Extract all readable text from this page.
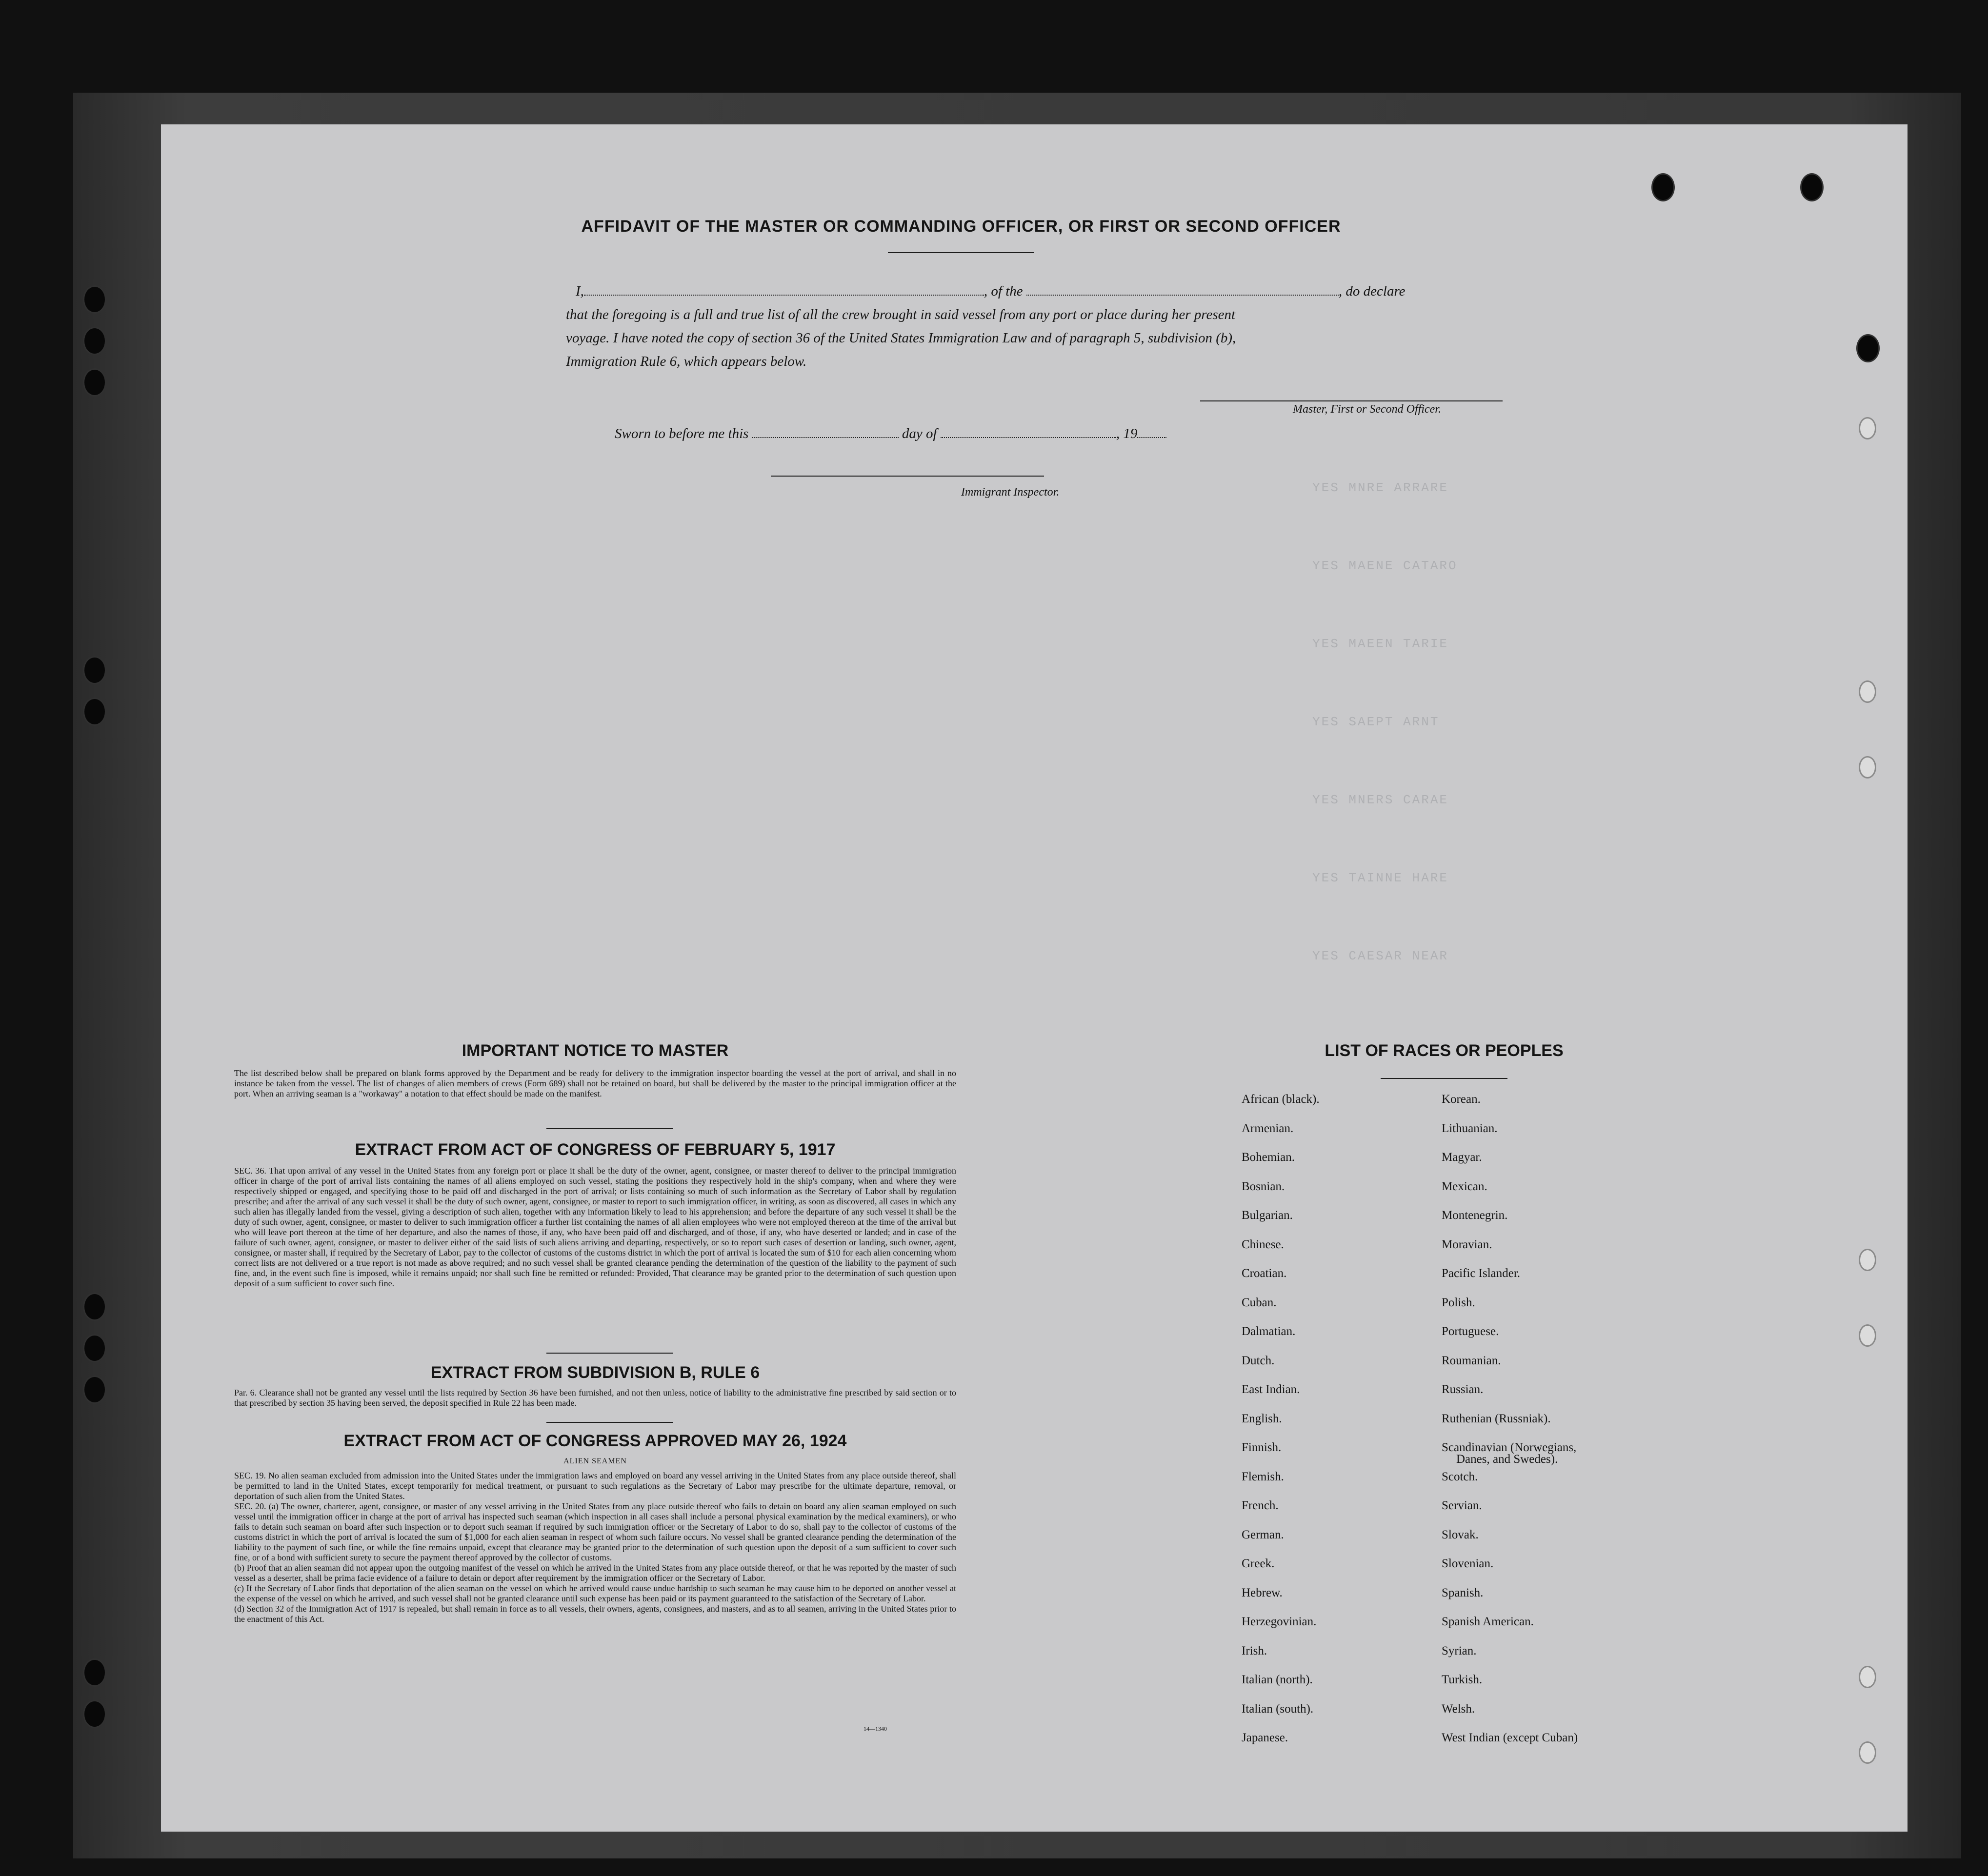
YES MNRE ARRARE
YES MAENE CATARO
YES MAEEN TARIE
YES SAEPT ARNT
YES MNERS CARAE
YES TAINNE HARE
YES CAESAR NEAR
AFFIDAVIT OF THE MASTER OR COMMANDING OFFICER, OR FIRST OR SECOND OFFICER
I,	, of the	, do declare
that the foregoing is a full and true list of all the crew brought in said vessel from any port or place during her present
voyage. I have noted the copy of section 36 of the United States Immigration Law and of paragraph 5, subdivision (b),
Immigration Rule 6, which appears below.
Master, First or Second Officer.
Sworn to before me this	day of	, 19
Immigrant Inspector.
IMPORTANT NOTICE TO MASTER
The list described below shall be prepared on blank forms approved by the Department and be ready for delivery to the immigration inspector boarding the vessel at the port of arrival, and shall in no instance be taken from the vessel. The list of changes of alien members of crews (Form 689) shall not be retained on board, but shall be delivered by the master to the principal immigration officer at the port. When an arriving seaman is a "workaway" a notation to that effect should be made on the manifest.
EXTRACT FROM ACT OF CONGRESS OF FEBRUARY 5, 1917
SEC. 36. That upon arrival of any vessel in the United States from any foreign port or place it shall be the duty of the owner, agent, consignee, or master thereof to deliver to the principal immigration officer in charge of the port of arrival lists containing the names of all aliens employed on such vessel, stating the positions they respectively hold in the ship's company, when and where they were respectively shipped or engaged, and specifying those to be paid off and discharged in the port of arrival; or lists containing so much of such information as the Secretary of Labor shall by regulation prescribe; and after the arrival of any such vessel it shall be the duty of such owner, agent, consignee, or master to report to such immigration officer, in writing, as soon as discovered, all cases in which any such alien has illegally landed from the vessel, giving a description of such alien, together with any information likely to lead to his apprehension; and before the departure of any such vessel it shall be the duty of such owner, agent, consignee, or master to deliver to such immigration officer a further list containing the names of all alien employees who were not employed thereon at the time of the arrival but who will leave port thereon at the time of her departure, and also the names of those, if any, who have been paid off and discharged, and of those, if any, who have deserted or landed; and in case of the failure of such owner, agent, consignee, or master to deliver either of the said lists of such aliens arriving and departing, respectively, or so to report such cases of desertion or landing, such owner, agent, consignee, or master shall, if required by the Secretary of Labor, pay to the collector of customs of the customs district in which the port of arrival is located the sum of $10 for each alien concerning whom correct lists are not delivered or a true report is not made as above required; and no such vessel shall be granted clearance pending the determination of the question of the liability to the payment of such fine, and, in the event such fine is imposed, while it remains unpaid; nor shall such fine be remitted or refunded: Provided, That clearance may be granted prior to the determination of such question upon deposit of a sum sufficient to cover such fine.
EXTRACT FROM SUBDIVISION B, RULE 6
Par. 6. Clearance shall not be granted any vessel until the lists required by Section 36 have been furnished, and not then unless, notice of liability to the administrative fine prescribed by said section or to that prescribed by section 35 having been served, the deposit specified in Rule 22 has been made.
EXTRACT FROM ACT OF CONGRESS APPROVED MAY 26, 1924
ALIEN SEAMEN
SEC. 19. No alien seaman excluded from admission into the United States under the immigration laws and employed on board any vessel arriving in the United States from any place outside thereof, shall be permitted to land in the United States, except temporarily for medical treatment, or pursuant to such regulations as the Secretary of Labor may prescribe for the ultimate departure, removal, or deportation of such alien from the United States.
SEC. 20. (a) The owner, charterer, agent, consignee, or master of any vessel arriving in the United States from any place outside thereof who fails to detain on board any alien seaman employed on such vessel until the immigration officer in charge at the port of arrival has inspected such seaman (which inspection in all cases shall include a personal physical examination by the medical examiners), or who fails to detain such seaman on board after such inspection or to deport such seaman if required by such immigration officer or the Secretary of Labor to do so, shall pay to the collector of customs of the customs district in which the port of arrival is located the sum of $1,000 for each alien seaman in respect of whom such failure occurs. No vessel shall be granted clearance pending the determination of the liability to the payment of such fine, or while the fine remains unpaid, except that clearance may be granted prior to the determination of such question upon the deposit of a sum sufficient to cover such fine, or of a bond with sufficient surety to secure the payment thereof approved by the collector of customs.
(b) Proof that an alien seaman did not appear upon the outgoing manifest of the vessel on which he arrived in the United States from any place outside thereof, or that he was reported by the master of such vessel as a deserter, shall be prima facie evidence of a failure to detain or deport after requirement by the immigration officer or the Secretary of Labor.
(c) If the Secretary of Labor finds that deportation of the alien seaman on the vessel on which he arrived would cause undue hardship to such seaman he may cause him to be deported on another vessel at the expense of the vessel on which he arrived, and such vessel shall not be granted clearance until such expense has been paid or its payment guaranteed to the satisfaction of the Secretary of Labor.
(d) Section 32 of the Immigration Act of 1917 is repealed, but shall remain in force as to all vessels, their owners, agents, consignees, and masters, and as to all seamen, arriving in the United States prior to the enactment of this Act.
14—1340
LIST OF RACES OR PEOPLES
African (black).
Armenian.
Bohemian.
Bosnian.
Bulgarian.
Chinese.
Croatian.
Cuban.
Dalmatian.
Dutch.
East Indian.
English.
Finnish.
Flemish.
French.
German.
Greek.
Hebrew.
Herzegovinian.
Irish.
Italian (north).
Italian (south).
Japanese.
Korean.
Lithuanian.
Magyar.
Mexican.
Montenegrin.
Moravian.
Pacific Islander.
Polish.
Portuguese.
Roumanian.
Russian.
Ruthenian (Russniak).
Scandinavian (Norwegians,
Danes, and Swedes).
Scotch.
Servian.
Slovak.
Slovenian.
Spanish.
Spanish American.
Syrian.
Turkish.
Welsh.
West Indian (except Cuban)
